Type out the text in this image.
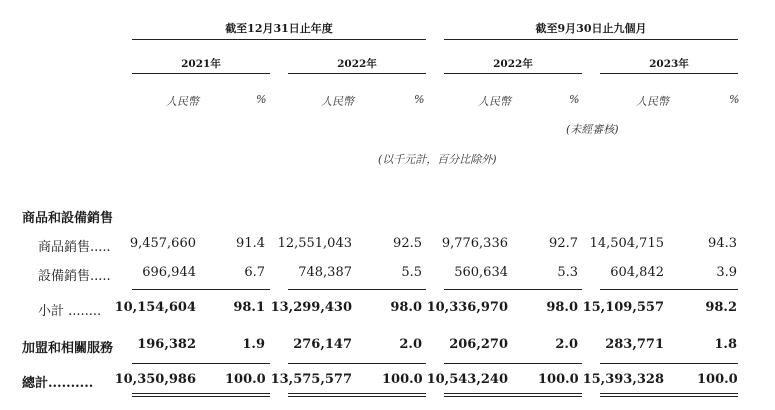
截至12月31日止年度	截至9月30日止九個月
2021年	2022年	2022年	2023年
人民幣	%	人民幣	%	人民幣	%	人民幣	%
(未經審核)
(以千元計，百分比除外)
商品和設備銷售
商品銷售.....	9,457,660	91.4 12,551,043	92.5	9,776,336	92.7 14,504,715	94.3
設備銷售.....	696,944	6.7	748,387	5.5	560,634	5.3	604,842	3.9
小計 ........	10,154,604	98.1 13,299,430	98.0 10,336,970	98.0 15,109,557	98.2
加盟和相關服務	196,382	1.9	276,147	2.0	206,270	2.0	283,771	1.8
總計..........	10,350,986 100.0 13,575,577 100.0 10,543,240 100.0 15,393,328	100.0
